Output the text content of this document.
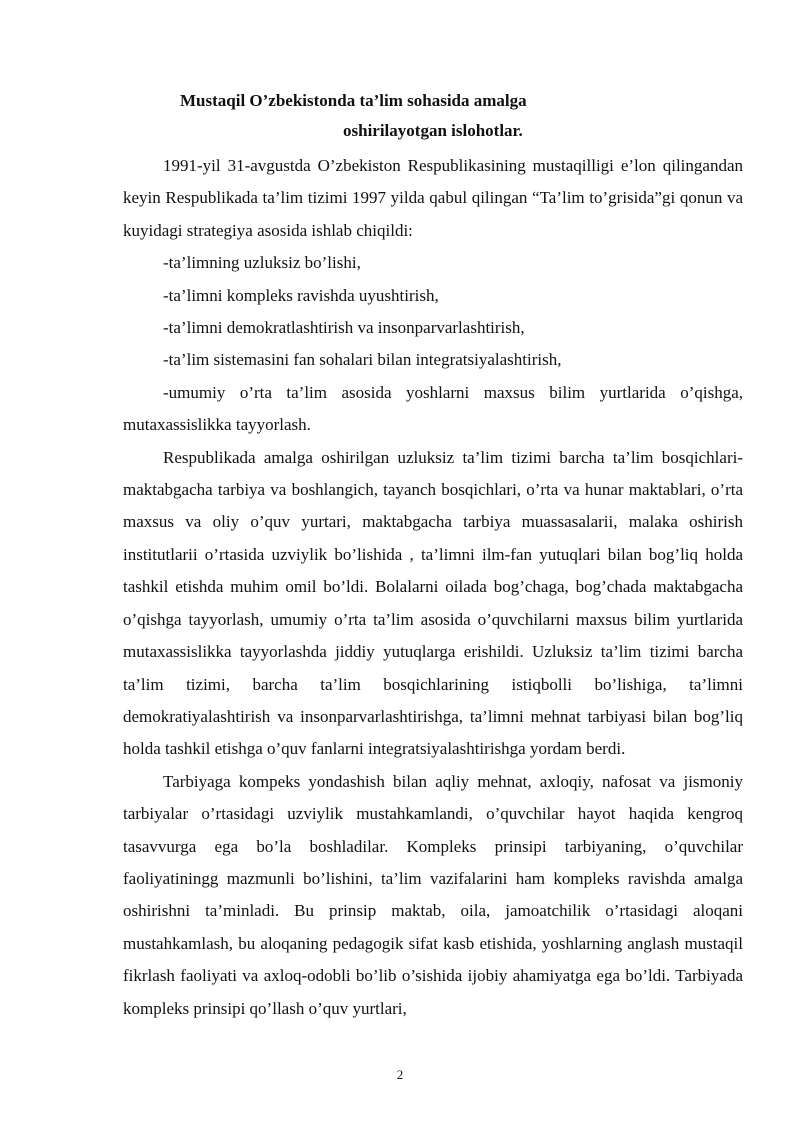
Mustaqil O’zbekistonda ta’lim sohasida amalga
oshirilayotgan islohotlar.

1991-yil 31-avgustda O’zbekiston Respublikasining mustaqilligi e’lon qilingandan keyin Respublikada ta’lim tizimi 1997 yilda qabul qilingan “Ta’lim to’grisida”gi qonun va kuyidagi strategiya asosida ishlab chiqildi:

-ta’limning uzluksiz bo’lishi,

-ta’limni kompleks ravishda uyushtirish,

-ta’limni demokratlashtirish va insonparvarlashtirish,

-ta’lim sistemasini fan sohalari bilan integratsiyalashtirish,

-umumiy o’rta ta’lim asosida yoshlarni maxsus bilim yurtlarida o’qishga, mutaxassislikka tayyorlash.

Respublikada amalga oshirilgan uzluksiz ta’lim tizimi barcha ta’lim bosqichlari-maktabgacha tarbiya va boshlangich, tayanch bosqichlari, o’rta va hunar maktablari, o’rta maxsus va oliy o’quv yurtari, maktabgacha tarbiya muassasalarii, malaka oshirish institutlarii o’rtasida uzviylik bo’lishida , ta’limni ilm-fan yutuqlari bilan bog’liq holda tashkil etishda muhim omil bo’ldi. Bolalarni oilada bog’chaga, bog’chada maktabgacha o’qishga tayyorlash, umumiy o’rta ta’lim asosida o’quvchilarni maxsus bilim yurtlarida mutaxassislikka tayyorlashda jiddiy yutuqlarga erishildi. Uzluksiz ta’lim tizimi barcha ta’lim tizimi, barcha ta’lim bosqichlarining istiqbolli bo’lishiga, ta’limni demokratiyalashtirish va insonparvarlashtirishga, ta’limni mehnat tarbiyasi bilan bog’liq holda tashkil etishga o’quv fanlarni integratsiyalashtirishga yordam berdi.

Tarbiyaga kompeks yondashish bilan aqliy mehnat, axloqiy, nafosat va jismoniy tarbiyalar o’rtasidagi uzviylik mustahkamlandi, o’quvchilar hayot haqida kengroq tasavvurga ega bo’la boshladilar. Kompleks prinsipi tarbiyaning, o’quvchilar faoliyatiningg mazmunli bo’lishini, ta’lim vazifalarini ham kompleks ravishda amalga oshirishni ta’minladi. Bu prinsip maktab, oila, jamoatchilik o’rtasidagi aloqani mustahkamlash, bu aloqaning pedagogik sifat kasb etishida, yoshlarning anglash mustaqil fikrlash faoliyati va axloq-odobli bo’lib o’sishida ijobiy ahamiyatga ega bo’ldi. Tarbiyada kompleks prinsipi qo’llash o’quv yurtlari,

2
